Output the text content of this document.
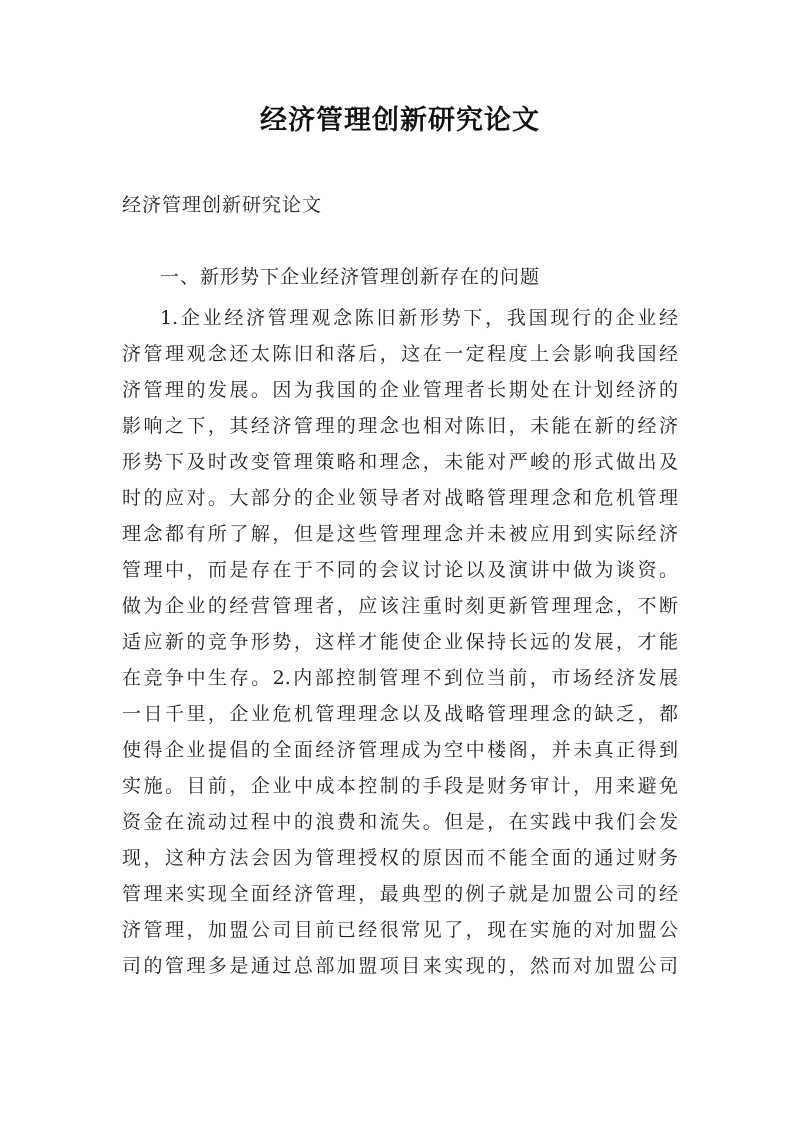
经济管理创新研究论文

经济管理创新研究论文

一、新形势下企业经济管理创新存在的问题

1.企业经济管理观念陈旧新形势下，我国现行的企业经
济管理观念还太陈旧和落后，这在一定程度上会影响我国经
济管理的发展。因为我国的企业管理者长期处在计划经济的
影响之下，其经济管理的理念也相对陈旧，未能在新的经济
形势下及时改变管理策略和理念，未能对严峻的形式做出及
时的应对。大部分的企业领导者对战略管理理念和危机管理
理念都有所了解，但是这些管理理念并未被应用到实际经济
管理中，而是存在于不同的会议讨论以及演讲中做为谈资。
做为企业的经营管理者，应该注重时刻更新管理理念，不断
适应新的竞争形势，这样才能使企业保持长远的发展，才能
在竞争中生存。2.内部控制管理不到位当前，市场经济发展
一日千里，企业危机管理理念以及战略管理理念的缺乏，都
使得企业提倡的全面经济管理成为空中楼阁，并未真正得到
实施。目前，企业中成本控制的手段是财务审计，用来避免
资金在流动过程中的浪费和流失。但是，在实践中我们会发
现，这种方法会因为管理授权的原因而不能全面的通过财务
管理来实现全面经济管理，最典型的例子就是加盟公司的经
济管理，加盟公司目前已经很常见了，现在实施的对加盟公
司的管理多是通过总部加盟项目来实现的，然而对加盟公司
